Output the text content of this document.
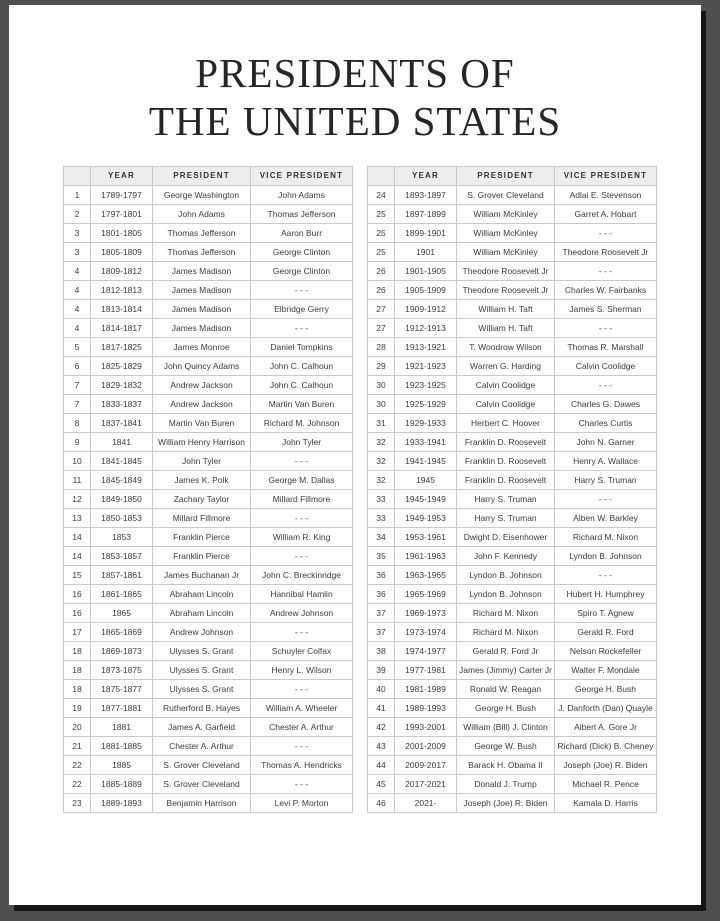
PRESIDENTS OF
THE UNITED STATES
	YEAR	PRESIDENT	VICE PRESIDENT
1	1789-1797	George Washington	John Adams
2	1797-1801	John Adams	Thomas Jefferson
3	1801-1805	Thomas Jefferson	Aaron Burr
3	1805-1809	Thomas Jefferson	George Clinton
4	1809-1812	James Madison	George Clinton
4	1812-1813	James Madison	- - -
4	1813-1814	James Madison	Elbridge Gerry
4	1814-1817	James Madison	- - -
5	1817-1825	James Monroe	Daniel Tompkins
6	1825-1829	John Quincy Adams	John C. Calhoun
7	1829-1832	Andrew Jackson	John C. Calhoun
7	1833-1837	Andrew Jackson	Martin Van Buren
8	1837-1841	Martin Van Buren	Richard M. Johnson
9	1841	William Henry Harrison	John Tyler
10	1841-1845	John Tyler	- - -
11	1845-1849	James K. Polk	George M. Dallas
12	1849-1850	Zachary Taylor	Millard Fillmore
13	1850-1853	Millard Fillmore	- - -
14	1853	Franklin Pierce	William R. King
14	1853-1857	Franklin Pierce	- - -
15	1857-1861	James Buchanan Jr	John C. Breckinridge
16	1861-1865	Abraham Lincoln	Hannibal Hamlin
16	1865	Abraham Lincoln	Andrew Johnson
17	1865-1869	Andrew Johnson	- - -
18	1869-1873	Ulysses S. Grant	Schuyler Colfax
18	1873-1875	Ulysses S. Grant	Henry L. Wilson
18	1875-1877	Ulysses S. Grant	- - -
19	1877-1881	Rutherford B. Hayes	William A. Wheeler
20	1881	James A. Garfield	Chester A. Arthur
21	1881-1885	Chester A. Arthur	- - -
22	1885	S. Grover Cleveland	Thomas A. Hendricks
22	1885-1889	S. Grover Cleveland	- - -
23	1889-1893	Benjamin Harrison	Levi P. Morton
	YEAR	PRESIDENT	VICE PRESIDENT
24	1893-1897	S. Grover Cleveland	Adlai E. Stevenson
25	1897-1899	William McKinley	Garret A. Hobart
25	1899-1901	William McKinley	- - -
25	1901	William McKinley	Theodore Roosevelt Jr
26	1901-1905	Theodore Roosevelt Jr	- - -
26	1905-1909	Theodore Roosevelt Jr	Charles W. Fairbanks
27	1909-1912	William H. Taft	James S. Sherman
27	1912-1913	William H. Taft	- - -
28	1913-1921	T. Woodrow Wilson	Thomas R. Marshall
29	1921-1923	Warren G. Harding	Calvin Coolidge
30	1923-1925	Calvin Coolidge	- - -
30	1925-1929	Calvin Coolidge	Charles G. Dawes
31	1929-1933	Herbert C. Hoover	Charles Curtis
32	1933-1941	Franklin D. Roosevelt	John N. Garner
32	1941-1945	Franklin D. Roosevelt	Henry A. Wallace
32	1945	Franklin D. Roosevelt	Harry S. Truman
33	1945-1949	Harry S. Truman	- - -
33	1949-1953	Harry S. Truman	Alben W. Barkley
34	1953-1961	Dwight D. Eisenhower	Richard M. Nixon
35	1961-1963	John F. Kennedy	Lyndon B. Johnson
36	1963-1965	Lyndon B. Johnson	- - -
36	1965-1969	Lyndon B. Johnson	Hubert H. Humphrey
37	1969-1973	Richard M. Nixon	Spiro T. Agnew
37	1973-1974	Richard M. Nixon	Gerald R. Ford
38	1974-1977	Gerald R. Ford Jr	Nelson Rockefeller
39	1977-1981	James (Jimmy) Carter Jr	Walter F. Mondale
40	1981-1989	Ronald W. Reagan	George H. Bush
41	1989-1993	George H. Bush	J. Danforth (Dan) Quayle
42	1993-2001	William (Bill) J. Clinton	Albert A. Gore Jr
43	2001-2009	George W. Bush	Richard (Dick) B. Cheney
44	2009-2017	Barack H. Obama II	Joseph (Joe) R. Biden
45	2017-2021	Donald J. Trump	Michael R. Pence
46	2021-	Joseph (Joe) R. Biden	Kamala D. Harris
